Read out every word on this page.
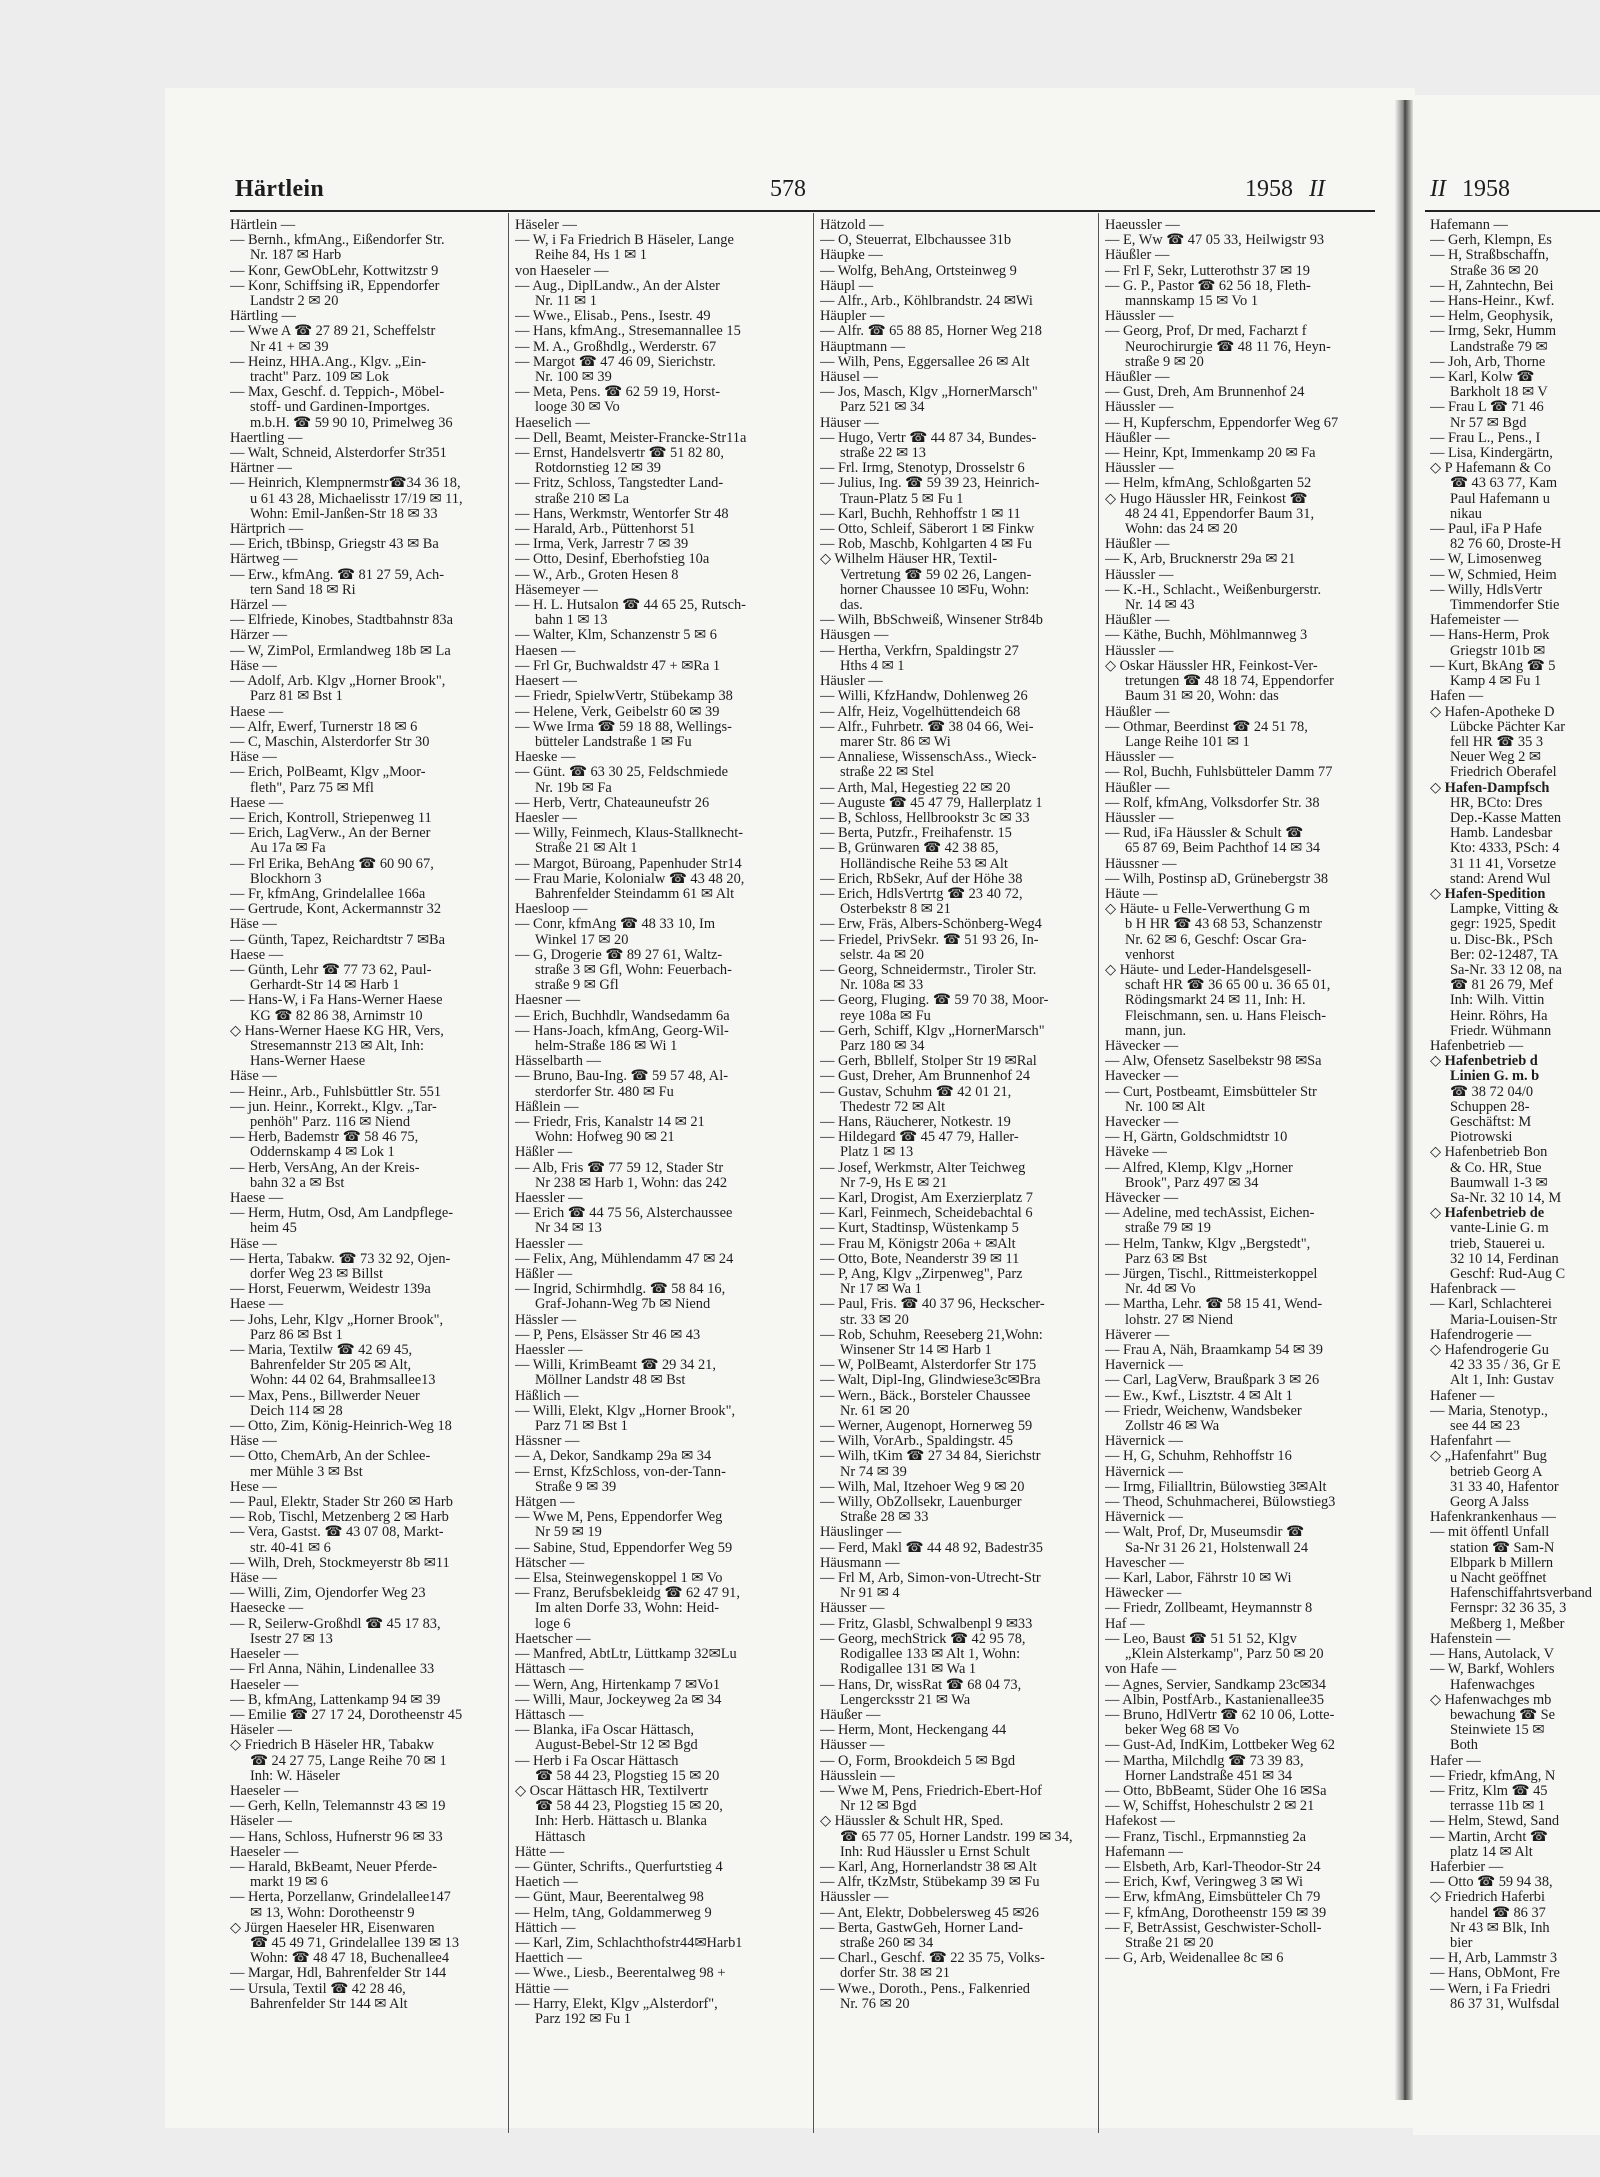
Härtlein	578	1958 II	II 1958
Härtlein —
— Bernh., kfmAng., Eißendorfer Str.
Nr. 187 ✉ Harb
— Konr, GewObLehr, Kottwitzstr 9
— Konr, Schiffsing iR, Eppendorfer
Landstr 2 ✉ 20
Härtling —
— Wwe A ☎ 27 89 21, Scheffelstr
Nr 41 + ✉ 39
— Heinz, HHA.Ang., Klgv. „Ein-
tracht" Parz. 109 ✉ Lok
— Max, Geschf. d. Teppich-, Möbel-
stoff- und Gardinen-Importges.
m.b.H. ☎ 59 90 10, Primelweg 36
Haertling —
— Walt, Schneid, Alsterdorfer Str351
Härtner —
— Heinrich, Klempnermstr☎34 36 18,
u 61 43 28, Michaelisstr 17/19 ✉ 11,
Wohn: Emil-Janßen-Str 18 ✉ 33
Härtprich —
— Erich, tBbinsp, Griegstr 43 ✉ Ba
Härtweg —
— Erw., kfmAng. ☎ 81 27 59, Ach-
tern Sand 18 ✉ Ri
Härzel —
— Elfriede, Kinobes, Stadtbahnstr 83a
Härzer —
— W, ZimPol, Ermlandweg 18b ✉ La
Häse —
— Adolf, Arb. Klgv „Horner Brook",
Parz 81 ✉ Bst 1
Haese —
— Alfr, Ewerf, Turnerstr 18 ✉ 6
— C, Maschin, Alsterdorfer Str 30
Häse —
— Erich, PolBeamt, Klgv „Moor-
fleth", Parz 75 ✉ Mfl
Haese —
— Erich, Kontroll, Striepenweg 11
— Erich, LagVerw., An der Berner
Au 17a ✉ Fa
— Frl Erika, BehAng ☎ 60 90 67,
Blockhorn 3
— Fr, kfmAng, Grindelallee 166a
— Gertrude, Kont, Ackermannstr 32
Häse —
— Günth, Tapez, Reichardtstr 7 ✉Ba
Haese —
— Günth, Lehr ☎ 77 73 62, Paul-
Gerhardt-Str 14 ✉ Harb 1
— Hans-W, i Fa Hans-Werner Haese
KG ☎ 82 86 38, Arnimstr 10
◇ Hans-Werner Haese KG HR, Vers,
Stresemannstr 213 ✉ Alt, Inh:
Hans-Werner Haese
Häse —
— Heinr., Arb., Fuhlsbüttler Str. 551
— jun. Heinr., Korrekt., Klgv. „Tar-
penhöh" Parz. 116 ✉ Niend
— Herb, Bademstr ☎ 58 46 75,
Oddernskamp 4 ✉ Lok 1
— Herb, VersAng, An der Kreis-
bahn 32 a ✉ Bst
Haese —
— Herm, Hutm, Osd, Am Landpflege-
heim 45
Häse —
— Herta, Tabakw. ☎ 73 32 92, Ojen-
dorfer Weg 23 ✉ Billst
— Horst, Feuerwm, Weidestr 139a
Haese —
— Johs, Lehr, Klgv „Horner Brook",
Parz 86 ✉ Bst 1
— Maria, Textilw ☎ 42 69 45,
Bahrenfelder Str 205 ✉ Alt,
Wohn: 44 02 64, Brahmsallee13
— Max, Pens., Billwerder Neuer
Deich 114 ✉ 28
— Otto, Zim, König-Heinrich-Weg 18
Häse —
— Otto, ChemArb, An der Schlee-
mer Mühle 3 ✉ Bst
Hese —
— Paul, Elektr, Stader Str 260 ✉ Harb
— Rob, Tischl, Metzenberg 2 ✉ Harb
— Vera, Gastst. ☎ 43 07 08, Markt-
str. 40-41 ✉ 6
— Wilh, Dreh, Stockmeyerstr 8b ✉11
Häse —
— Willi, Zim, Ojendorfer Weg 23
Haesecke —
— R, Seilerw-Großhdl ☎ 45 17 83,
Isestr 27 ✉ 13
Haeseler —
— Frl Anna, Nähin, Lindenallee 33
Haeseler —
— B, kfmAng, Lattenkamp 94 ✉ 39
— Emilie ☎ 27 17 24, Dorotheenstr 45
Häseler —
◇ Friedrich B Häseler HR, Tabakw
☎ 24 27 75, Lange Reihe 70 ✉ 1
Inh: W. Häseler
Haeseler —
— Gerh, Kelln, Telemannstr 43 ✉ 19
Häseler —
— Hans, Schloss, Hufnerstr 96 ✉ 33
Haeseler —
— Harald, BkBeamt, Neuer Pferde-
markt 19 ✉ 6
— Herta, Porzellanw, Grindelallee147
✉ 13, Wohn: Dorotheenstr 9
◇ Jürgen Haeseler HR, Eisenwaren
☎ 45 49 71, Grindelallee 139 ✉ 13
Wohn: ☎ 48 47 18, Buchenallee4
— Margar, Hdl, Bahrenfelder Str 144
— Ursula, Textil ☎ 42 28 46,
Bahrenfelder Str 144 ✉ Alt
Häseler —
— W, i Fa Friedrich B Häseler, Lange
Reihe 84, Hs 1 ✉ 1
von Haeseler —
— Aug., DiplLandw., An der Alster
Nr. 11 ✉ 1
— Wwe., Elisab., Pens., Isestr. 49
— Hans, kfmAng., Stresemannallee 15
— M. A., Großhdlg., Werderstr. 67
— Margot ☎ 47 46 09, Sierichstr.
Nr. 100 ✉ 39
— Meta, Pens. ☎ 62 59 19, Horst-
looge 30 ✉ Vo
Haeselich —
— Dell, Beamt, Meister-Francke-Str11a
— Ernst, Handelsvertr ☎ 51 82 80,
Rotdornstieg 12 ✉ 39
— Fritz, Schloss, Tangstedter Land-
straße 210 ✉ La
— Hans, Werkmstr, Wentorfer Str 48
— Harald, Arb., Püttenhorst 51
— Irma, Verk, Jarrestr 7 ✉ 39
— Otto, Desinf, Eberhofstieg 10a
— W., Arb., Groten Hesen 8
Häsemeyer —
— H. L. Hutsalon ☎ 44 65 25, Rutsch-
bahn 1 ✉ 13
— Walter, Klm, Schanzenstr 5 ✉ 6
Haesen —
— Frl Gr, Buchwaldstr 47 + ✉Ra 1
Haesert —
— Friedr, SpielwVertr, Stübekamp 38
— Helene, Verk, Geibelstr 60 ✉ 39
— Wwe Irma ☎ 59 18 88, Wellings-
bütteler Landstraße 1 ✉ Fu
Haeske —
— Günt. ☎ 63 30 25, Feldschmiede
Nr. 19b ✉ Fa
— Herb, Vertr, Chateauneufstr 26
Haesler —
— Willy, Feinmech, Klaus-Stallknecht-
Straße 21 ✉ Alt 1
— Margot, Büroang, Papenhuder Str14
— Frau Marie, Kolonialw ☎ 43 48 20,
Bahrenfelder Steindamm 61 ✉ Alt
Haesloop —
— Conr, kfmAng ☎ 48 33 10, Im
Winkel 17 ✉ 20
— G, Drogerie ☎ 89 27 61, Waltz-
straße 3 ✉ Gfl, Wohn: Feuerbach-
straße 9 ✉ Gfl
Haesner —
— Erich, Buchhdlr, Wandsedamm 6a
— Hans-Joach, kfmAng, Georg-Wil-
helm-Straße 186 ✉ Wi 1
Hässelbarth —
— Bruno, Bau-Ing. ☎ 59 57 48, Al-
sterdorfer Str. 480 ✉ Fu
Häßlein —
— Friedr, Fris, Kanalstr 14 ✉ 21
Wohn: Hofweg 90 ✉ 21
Häßler —
— Alb, Fris ☎ 77 59 12, Stader Str
Nr 238 ✉ Harb 1, Wohn: das 242
Haessler —
— Erich ☎ 44 75 56, Alsterchaussee
Nr 34 ✉ 13
Haessler —
— Felix, Ang, Mühlendamm 47 ✉ 24
Häßler —
— Ingrid, Schirmhdlg. ☎ 58 84 16,
Graf-Johann-Weg 7b ✉ Niend
Hässler —
— P, Pens, Elsässer Str 46 ✉ 43
Haessler —
— Willi, KrimBeamt ☎ 29 34 21,
Möllner Landstr 48 ✉ Bst
Häßlich —
— Willi, Elekt, Klgv „Horner Brook",
Parz 71 ✉ Bst 1
Hässner —
— A, Dekor, Sandkamp 29a ✉ 34
— Ernst, KfzSchloss, von-der-Tann-
Straße 9 ✉ 39
Hätgen —
— Wwe M, Pens, Eppendorfer Weg
Nr 59 ✉ 19
— Sabine, Stud, Eppendorfer Weg 59
Hätscher —
— Elsa, Steinwegenskoppel 1 ✉ Vo
— Franz, Berufsbekleidg ☎ 62 47 91,
Im alten Dorfe 33, Wohn: Heid-
loge 6
Haetscher —
— Manfred, AbtLtr, Lüttkamp 32✉Lu
Hättasch —
— Wern, Ang, Hirtenkamp 7 ✉Vo1
— Willi, Maur, Jockeyweg 2a ✉ 34
Hättasch —
— Blanka, iFa Oscar Hättasch,
August-Bebel-Str 12 ✉ Bgd
— Herb i Fa Oscar Hättasch
☎ 58 44 23, Plogstieg 15 ✉ 20
◇ Oscar Hättasch HR, Textilvertr
☎ 58 44 23, Plogstieg 15 ✉ 20,
Inh: Herb. Hättasch u. Blanka
Hättasch
Hätte —
— Günter, Schrifts., Querfurtstieg 4
Haetich —
— Günt, Maur, Beerentalweg 98
— Helm, tAng, Goldammerweg 9
Hättich —
— Karl, Zim, Schlachthofstr44✉Harb1
Haettich —
— Wwe., Liesb., Beerentalweg 98 +
Hättie —
— Harry, Elekt, Klgv „Alsterdorf",
Parz 192 ✉ Fu 1
Hätzold —
— O, Steuerrat, Elbchaussee 31b
Häupke —
— Wolfg, BehAng, Ortsteinweg 9
Häupl —
— Alfr., Arb., Köhlbrandstr. 24 ✉Wi
Häupler —
— Alfr. ☎ 65 88 85, Horner Weg 218
Häuptmann —
— Wilh, Pens, Eggersallee 26 ✉ Alt
Häusel —
— Jos, Masch, Klgv „HornerMarsch"
Parz 521 ✉ 34
Häuser —
— Hugo, Vertr ☎ 44 87 34, Bundes-
straße 22 ✉ 13
— Frl. Irmg, Stenotyp, Drosselstr 6
— Julius, Ing. ☎ 59 39 23, Heinrich-
Traun-Platz 5 ✉ Fu 1
— Karl, Buchh, Rehhoffstr 1 ✉ 11
— Otto, Schleif, Säberort 1 ✉ Finkw
— Rob, Maschb, Kohlgarten 4 ✉ Fu
◇ Wilhelm Häuser HR, Textil-
Vertretung ☎ 59 02 26, Langen-
horner Chaussee 10 ✉Fu, Wohn:
das.
— Wilh, BbSchweiß, Winsener Str84b
Häusgen —
— Hertha, Verkfrn, Spaldingstr 27
Hths 4 ✉ 1
Häusler —
— Willi, KfzHandw, Dohlenweg 26
— Alfr, Heiz, Vogelhüttendeich 68
— Alfr., Fuhrbetr. ☎ 38 04 66, Wei-
marer Str. 86 ✉ Wi
— Annaliese, WissenschAss., Wieck-
straße 22 ✉ Stel
— Arth, Mal, Hegestieg 22 ✉ 20
— Auguste ☎ 45 47 79, Hallerplatz 1
— B, Schloss, Hellbrookstr 3c ✉ 33
— Berta, Putzfr., Freihafenstr. 15
— B, Grünwaren ☎ 42 38 85,
Holländische Reihe 53 ✉ Alt
— Erich, RbSekr, Auf der Höhe 38
— Erich, HdlsVertrtg ☎ 23 40 72,
Osterbekstr 8 ✉ 21
— Erw, Fräs, Albers-Schönberg-Weg4
— Friedel, PrivSekr. ☎ 51 93 26, In-
selstr. 4a ✉ 20
— Georg, Schneidermstr., Tiroler Str.
Nr. 108a ✉ 33
— Georg, Fluging. ☎ 59 70 38, Moor-
reye 108a ✉ Fu
— Gerh, Schiff, Klgv „HornerMarsch"
Parz 180 ✉ 34
— Gerh, Bbllelf, Stolper Str 19 ✉Ral
— Gust, Dreher, Am Brunnenhof 24
— Gustav, Schuhm ☎ 42 01 21,
Thedestr 72 ✉ Alt
— Hans, Räucherer, Notkestr. 19
— Hildegard ☎ 45 47 79, Haller-
Platz 1 ✉ 13
— Josef, Werkmstr, Alter Teichweg
Nr 7-9, Hs E ✉ 21
— Karl, Drogist, Am Exerzierplatz 7
— Karl, Feinmech, Scheidebachtal 6
— Kurt, Stadtinsp, Wüstenkamp 5
— Frau M, Königstr 206a + ✉Alt
— Otto, Bote, Neanderstr 39 ✉ 11
— P, Ang, Klgv „Zirpenweg", Parz
Nr 17 ✉ Wa 1
— Paul, Fris. ☎ 40 37 96, Heckscher-
str. 33 ✉ 20
— Rob, Schuhm, Reeseberg 21,Wohn:
Winsener Str 14 ✉ Harb 1
— W, PolBeamt, Alsterdorfer Str 175
— Walt, Dipl-Ing, Glindwiese3c✉Bra
— Wern., Bäck., Borsteler Chaussee
Nr. 61 ✉ 20
— Werner, Augenopt, Hornerweg 59
— Wilh, VorArb., Spaldingstr. 45
— Wilh, tKim ☎ 27 34 84, Sierichstr
Nr 74 ✉ 39
— Wilh, Mal, Itzehoer Weg 9 ✉ 20
— Willy, ObZollsekr, Lauenburger
Straße 28 ✉ 33
Häuslinger —
— Ferd, Makl ☎ 44 48 92, Badestr35
Häusmann —
— Frl M, Arb, Simon-von-Utrecht-Str
Nr 91 ✉ 4
Häusser —
— Fritz, Glasbl, Schwalbenpl 9 ✉33
— Georg, mechStrick ☎ 42 95 78,
Rodigallee 133 ✉ Alt 1, Wohn:
Rodigallee 131 ✉ Wa 1
— Hans, Dr, wissRat ☎ 68 04 73,
Lengercksstr 21 ✉ Wa
Häußer —
— Herm, Mont, Heckengang 44
Häusser —
— O, Form, Brookdeich 5 ✉ Bgd
Häusslein —
— Wwe M, Pens, Friedrich-Ebert-Hof
Nr 12 ✉ Bgd
◇ Häussler & Schult HR, Sped.
☎ 65 77 05, Horner Landstr. 199 ✉ 34,
Inh: Rud Häussler u Ernst Schult
— Karl, Ang, Hornerlandstr 38 ✉ Alt
— Alfr, tKzMstr, Stübekamp 39 ✉ Fu
Häussler —
— Ant, Elektr, Dobbelersweg 45 ✉26
— Berta, GastwGeh, Horner Land-
straße 260 ✉ 34
— Charl., Geschf. ☎ 22 35 75, Volks-
dorfer Str. 38 ✉ 21
— Wwe., Doroth., Pens., Falkenried
Nr. 76 ✉ 20
Haeussler —
— E, Ww ☎ 47 05 33, Heilwigstr 93
Häußler —
— Frl F, Sekr, Lutterothstr 37 ✉ 19
— G. P., Pastor ☎ 62 56 18, Fleth-
mannskamp 15 ✉ Vo 1
Häussler —
— Georg, Prof, Dr med, Facharzt f
Neurochirurgie ☎ 48 11 76, Heyn-
straße 9 ✉ 20
Häußler —
— Gust, Dreh, Am Brunnenhof 24
Häussler —
— H, Kupferschm, Eppendorfer Weg 67
Häußler —
— Heinr, Kpt, Immenkamp 20 ✉ Fa
Häussler —
— Helm, kfmAng, Schloßgarten 52
◇ Hugo Häussler HR, Feinkost ☎
48 24 41, Eppendorfer Baum 31,
Wohn: das 24 ✉ 20
Häußler —
— K, Arb, Brucknerstr 29a ✉ 21
Häussler —
— K.-H., Schlacht., Weißenburgerstr.
Nr. 14 ✉ 43
Häußler —
— Käthe, Buchh, Möhlmannweg 3
Häussler —
◇ Oskar Häussler HR, Feinkost-Ver-
tretungen ☎ 48 18 74, Eppendorfer
Baum 31 ✉ 20, Wohn: das
Häußler —
— Othmar, Beerdinst ☎ 24 51 78,
Lange Reihe 101 ✉ 1
Häussler —
— Rol, Buchh, Fuhlsbütteler Damm 77
Häußler —
— Rolf, kfmAng, Volksdorfer Str. 38
Häussler —
— Rud, iFa Häussler & Schult ☎
65 87 69, Beim Pachthof 14 ✉ 34
Häussner —
— Wilh, Postinsp aD, Grünebergstr 38
Häute —
◇ Häute- u Felle-Verwerthung G m
b H HR ☎ 43 68 53, Schanzenstr
Nr. 62 ✉ 6, Geschf: Oscar Gra-
venhorst
◇ Häute- und Leder-Handelsgesell-
schaft HR ☎ 36 65 00 u. 36 65 01,
Rödingsmarkt 24 ✉ 11, Inh: H.
Fleischmann, sen. u. Hans Fleisch-
mann, jun.
Hävecker —
— Alw, Ofensetz Saselbekstr 98 ✉Sa
Havecker —
— Curt, Postbeamt, Eimsbütteler Str
Nr. 100 ✉ Alt
Havecker —
— H, Gärtn, Goldschmidtstr 10
Häveke —
— Alfred, Klemp, Klgv „Horner
Brook", Parz 497 ✉ 34
Hävecker —
— Adeline, med techAssist, Eichen-
straße 79 ✉ 19
— Helm, Tankw, Klgv „Bergstedt",
Parz 63 ✉ Bst
— Jürgen, Tischl., Rittmeisterkoppel
Nr. 4d ✉ Vo
— Martha, Lehr. ☎ 58 15 41, Wend-
lohstr. 27 ✉ Niend
Häverer —
— Frau A, Näh, Braamkamp 54 ✉ 39
Havernick —
— Carl, LagVerw, Braußpark 3 ✉ 26
— Ew., Kwf., Lisztstr. 4 ✉ Alt 1
— Friedr, Weichenw, Wandsbeker
Zollstr 46 ✉ Wa
Hävernick —
— H, G, Schuhm, Rehhoffstr 16
Hävernick —
— Irmg, Filialltrin, Bülowstieg 3✉Alt
— Theod, Schuhmacherei, Bülowstieg3
Hävernick —
— Walt, Prof, Dr, Museumsdir ☎
Sa-Nr 31 26 21, Holstenwall 24
Havescher —
— Karl, Labor, Fährstr 10 ✉ Wi
Häwecker —
— Friedr, Zollbeamt, Heymannstr 8
Haf —
— Leo, Baust ☎ 51 51 52, Klgv
„Klein Alsterkamp", Parz 50 ✉ 20
von Hafe —
— Agnes, Servier, Sandkamp 23c✉34
— Albin, PostfArb., Kastanienallee35
— Bruno, HdlVertr ☎ 62 10 06, Lotte-
beker Weg 68 ✉ Vo
— Gust-Ad, IndKim, Lottbeker Weg 62
— Martha, Milchdlg ☎ 73 39 83,
Horner Landstraße 451 ✉ 34
— Otto, BbBeamt, Süder Ohe 16 ✉Sa
— W, Schiffst, Hoheschulstr 2 ✉ 21
Hafekost —
— Franz, Tischl., Erpmannstieg 2a
Hafemann —
— Elsbeth, Arb, Karl-Theodor-Str 24
— Erich, Kwf, Veringweg 3 ✉ Wi
— Erw, kfmAng, Eimsbütteler Ch 79
— F, kfmAng, Dorotheenstr 159 ✉ 39
— F, BetrAssist, Geschwister-Scholl-
Straße 21 ✉ 20
— G, Arb, Weidenallee 8c ✉ 6
Hafemann —
— Gerh, Klempn, Es
— H, Straßbschaffn,
Straße 36 ✉ 20
— H, Zahntechn, Bei
— Hans-Heinr., Kwf.
— Helm, Geophysik,
— Irmg, Sekr, Humm
Landstraße 79 ✉
— Joh, Arb, Thorne
— Karl, Kolw ☎
Barkholt 18 ✉ V
— Frau L ☎ 71 46
Nr 57 ✉ Bgd
— Frau L., Pens., I
— Lisa, Kindergärtn,
◇ P Hafemann & Co
☎ 43 63 77, Kam
Paul Hafemann u
nikau
— Paul, iFa P Hafe
82 76 60, Droste-H
— W, Limosenweg
— W, Schmied, Heim
— Willy, HdlsVertr
Timmendorfer Stie
Hafemeister —
— Hans-Herm, Prok
Griegstr 101b ✉
— Kurt, BkAng ☎ 5
Kamp 4 ✉ Fu 1
Hafen —
◇ Hafen-Apotheke D
Lübcke Pächter Kar
fell HR ☎ 35 3
Neuer Weg 2 ✉
Friedrich Oberafel
◇ Hafen-Dampfsch
HR, BCto: Dres
Dep.-Kasse Matten
Hamb. Landesbar
Kto: 4333, PSch: 4
31 11 41, Vorsetze
stand: Arend Wul
◇ Hafen-Spedition
Lampke, Vitting &
gegr: 1925, Spedit
u. Disc-Bk., PSch
Ber: 02-12487, TA
Sa-Nr. 33 12 08, na
☎ 81 26 79, Mef
Inh: Wilh. Vittin
Heinr. Röhrs, Ha
Friedr. Wühmann
Hafenbetrieb —
◇ Hafenbetrieb d
Linien G. m. b
☎ 38 72 04/0
Schuppen 28-
Geschäftst: M
Piotrowski
◇ Hafenbetrieb Bon
& Co. HR, Stue
Baumwall 1-3 ✉
Sa-Nr. 32 10 14, M
◇ Hafenbetrieb de
vante-Linie G. m
trieb, Stauerei u.
32 10 14, Ferdinan
Geschf: Rud-Aug C
Hafenbrack —
— Karl, Schlachterei
Maria-Louisen-Str
Hafendrogerie —
◇ Hafendrogerie Gu
42 33 35 / 36, Gr E
Alt 1, Inh: Gustav
Hafener —
— Maria, Stenotyp.,
see 44 ✉ 23
Hafenfahrt —
◇ „Hafenfahrt" Bug
betrieb Georg A
31 33 40, Hafentor
Georg A Jalss
Hafenkrankenhaus —
— mit öffentl Unfall
station ☎ Sam-N
Elbpark b Millern
u Nacht geöffnet
Hafenschiffahrtsverband
Fernspr: 32 36 35, 3
Meßberg 1, Meßber
Hafenstein —
— Hans, Autolack, V
— W, Barkf, Wohlers
Hafenwachges
◇ Hafenwachges mb
bewachung ☎ Se
Steinwiete 15 ✉
Both
Hafer —
— Friedr, kfmAng, N
— Fritz, Klm ☎ 45
terrasse 11b ✉ 1
— Helm, Stewd, Sand
— Martin, Archt ☎
platz 14 ✉ Alt
Haferbier —
— Otto ☎ 59 94 38,
◇ Friedrich Haferbi
handel ☎ 86 37
Nr 43 ✉ Blk, Inh
bier
— H, Arb, Lammstr 3
— Hans, ObMont, Fre
— Wern, i Fa Friedri
86 37 31, Wulfsdal
